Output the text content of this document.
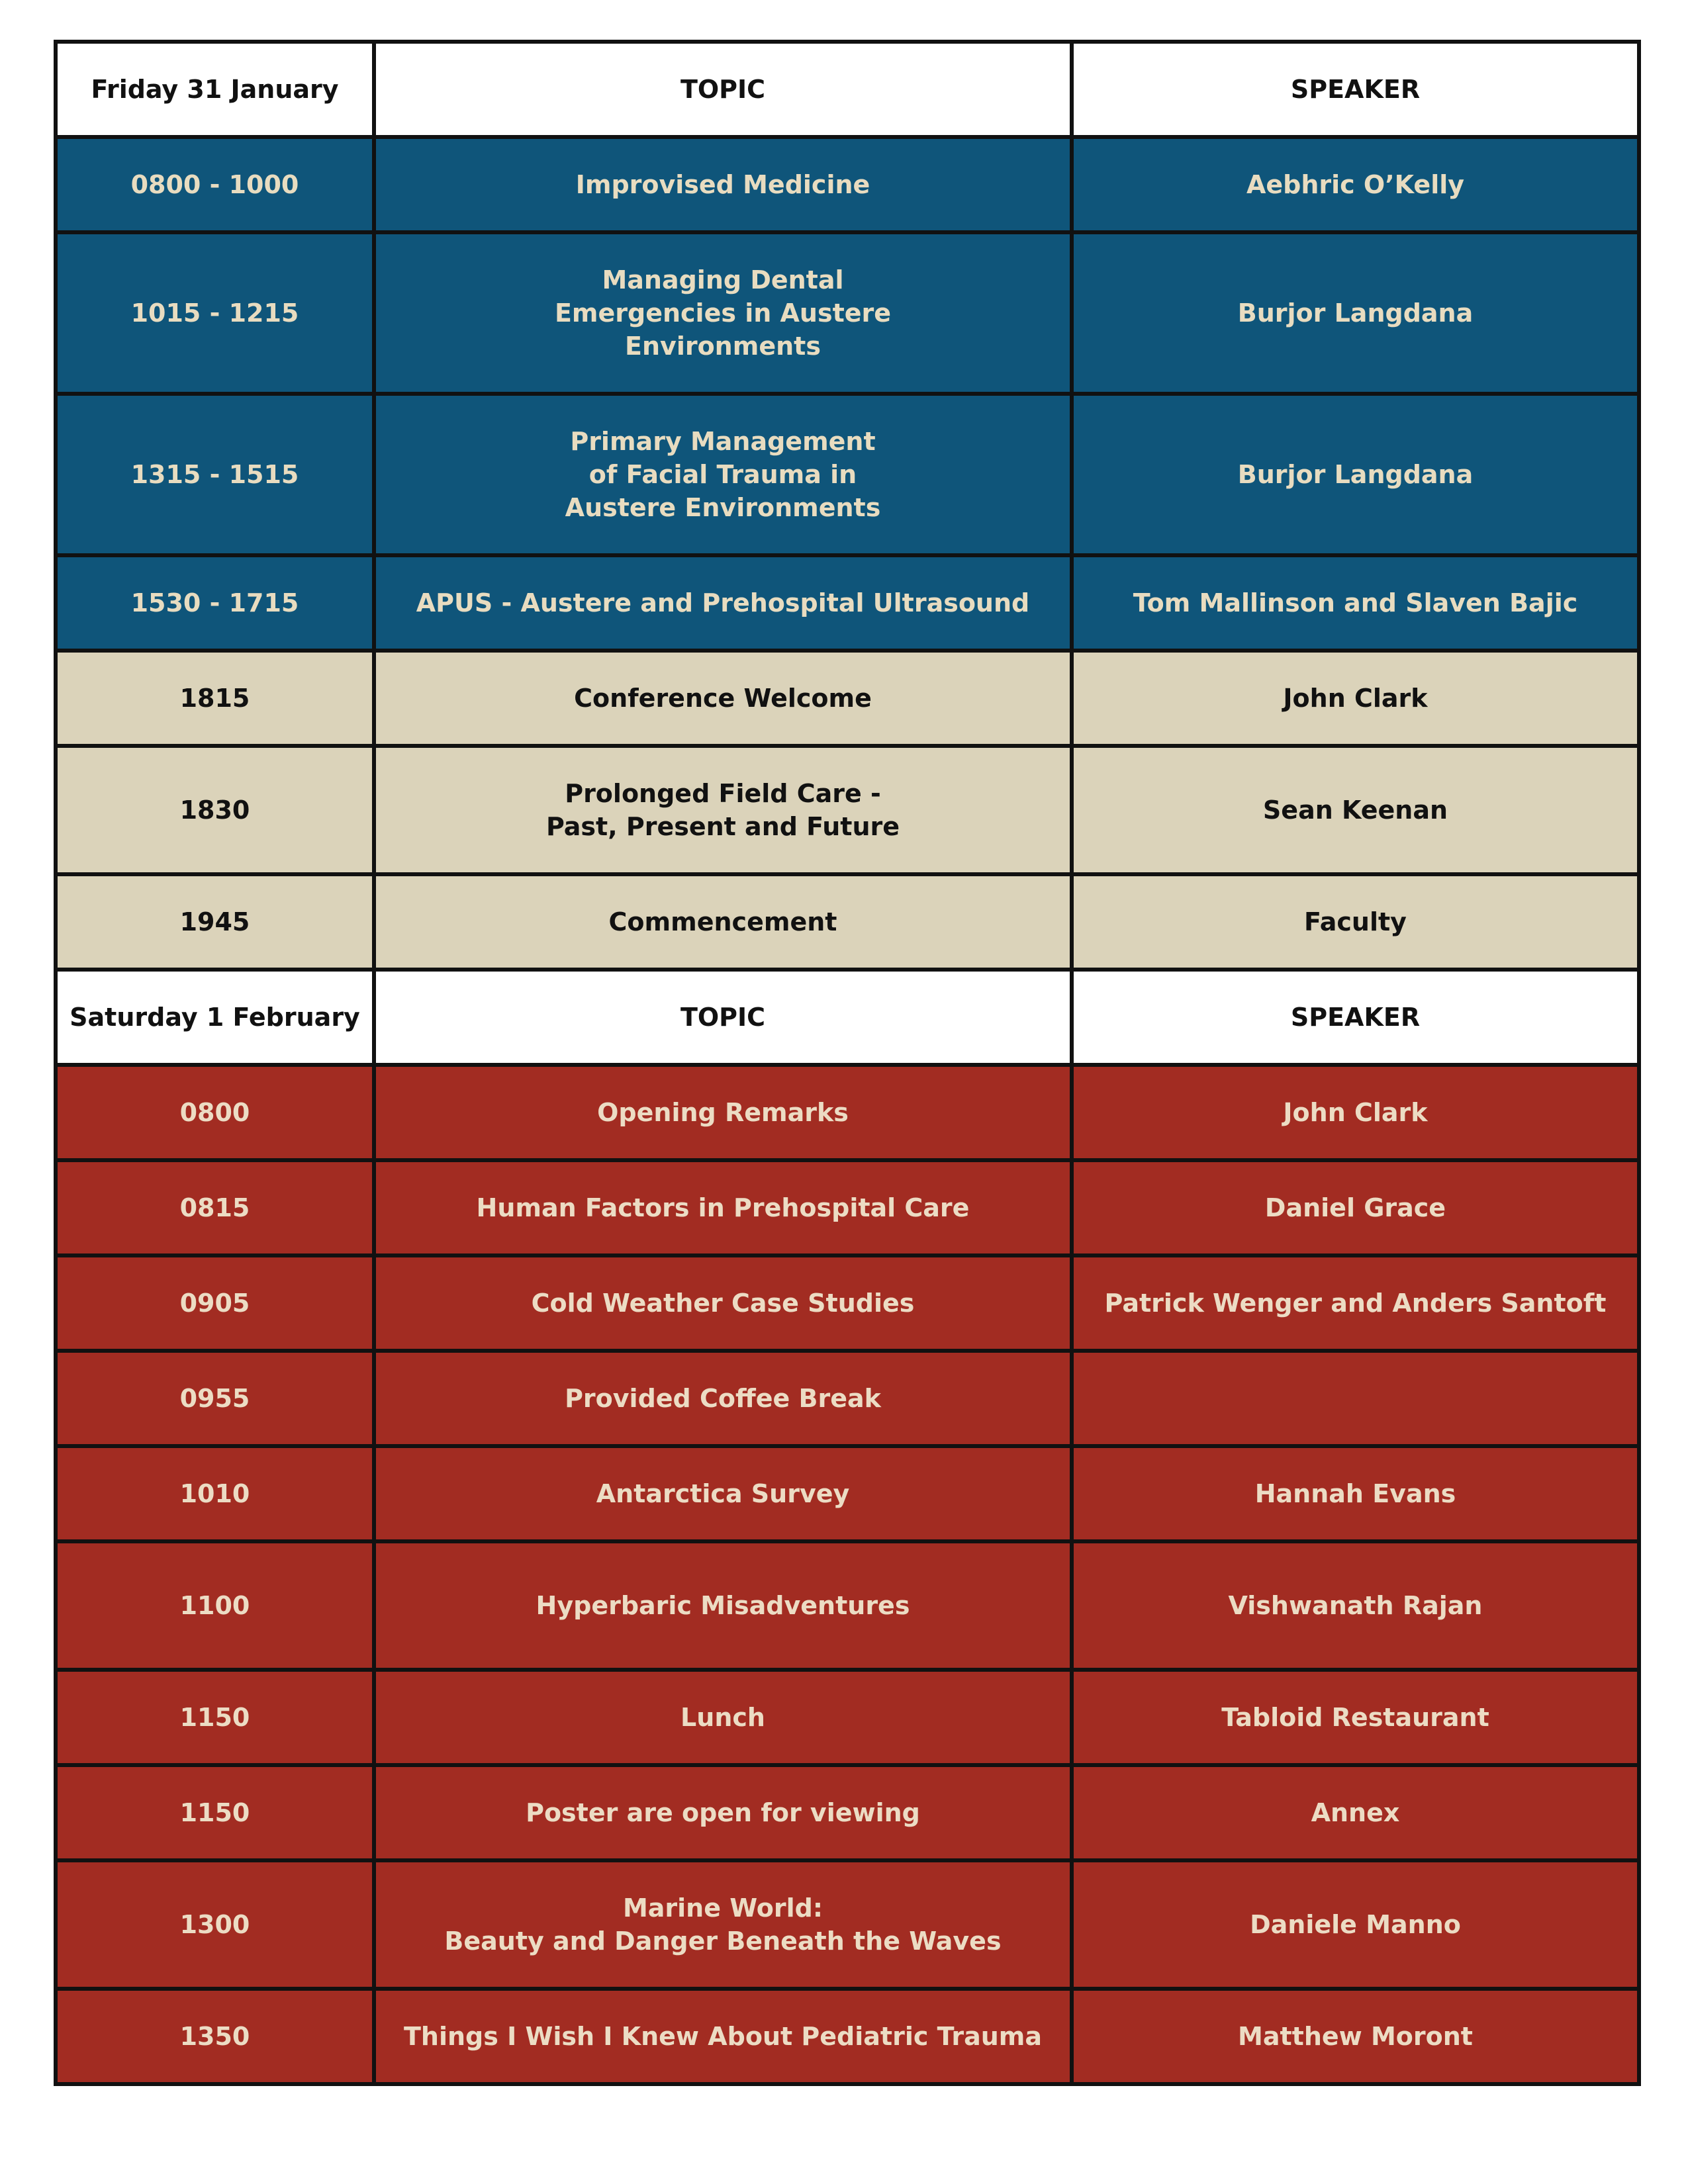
Friday 31 January	TOPIC	SPEAKER
0800 - 1000	Improvised Medicine	Aebhric O’Kelly
1015 - 1215	Managing Dental
Emergencies in Austere
Environments	Burjor Langdana
1315 - 1515	Primary Management
of Facial Trauma in
Austere Environments	Burjor Langdana
1530 - 1715	APUS - Austere and Prehospital Ultrasound	Tom Mallinson and Slaven Bajic
1815	Conference Welcome	John Clark
1830	Prolonged Field Care -
Past, Present and Future	Sean Keenan
1945	Commencement	Faculty
Saturday 1 February	TOPIC	SPEAKER
0800	Opening Remarks	John Clark
0815	Human Factors in Prehospital Care	Daniel Grace
0905	Cold Weather Case Studies	Patrick Wenger and Anders Santoft
0955	Provided Coffee Break	
1010	Antarctica Survey	Hannah Evans
1100	Hyperbaric Misadventures	Vishwanath Rajan
1150	Lunch	Tabloid Restaurant
1150	Poster are open for viewing	Annex
1300	Marine World:
Beauty and Danger Beneath the Waves	Daniele Manno
1350	Things I Wish I Knew About Pediatric Trauma	Matthew Moront
